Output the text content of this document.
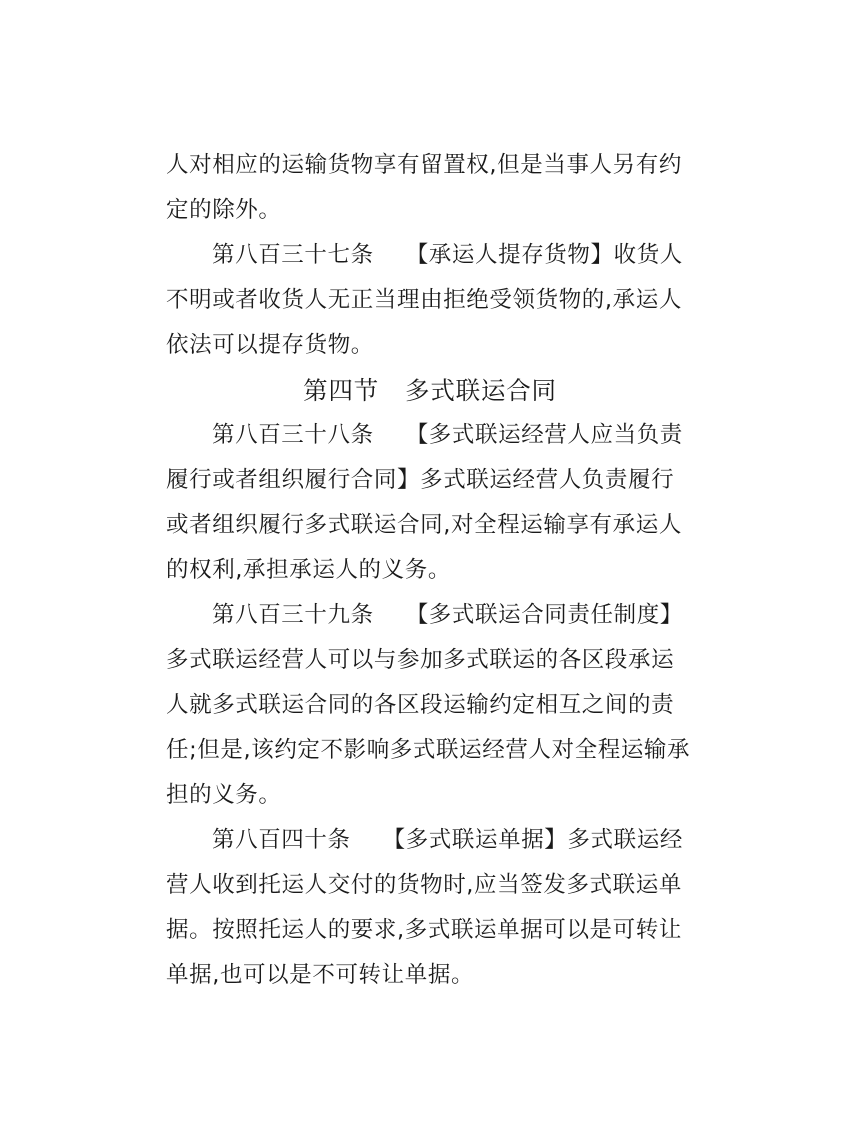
人对相应的运输货物享有留置权,但是当事人另有约
定的除外。
第八百三十七条 【承运人提存货物】收货人
不明或者收货人无正当理由拒绝受领货物的,承运人
依法可以提存货物。
第四节 多式联运合同
第八百三十八条 【多式联运经营人应当负责
履行或者组织履行合同】多式联运经营人负责履行
或者组织履行多式联运合同,对全程运输享有承运人
的权利,承担承运人的义务。
第八百三十九条 【多式联运合同责任制度】
多式联运经营人可以与参加多式联运的各区段承运
人就多式联运合同的各区段运输约定相互之间的责
任;但是,该约定不影响多式联运经营人对全程运输承
担的义务。
第八百四十条 【多式联运单据】多式联运经
营人收到托运人交付的货物时,应当签发多式联运单
据。按照托运人的要求,多式联运单据可以是可转让
单据,也可以是不可转让单据。
